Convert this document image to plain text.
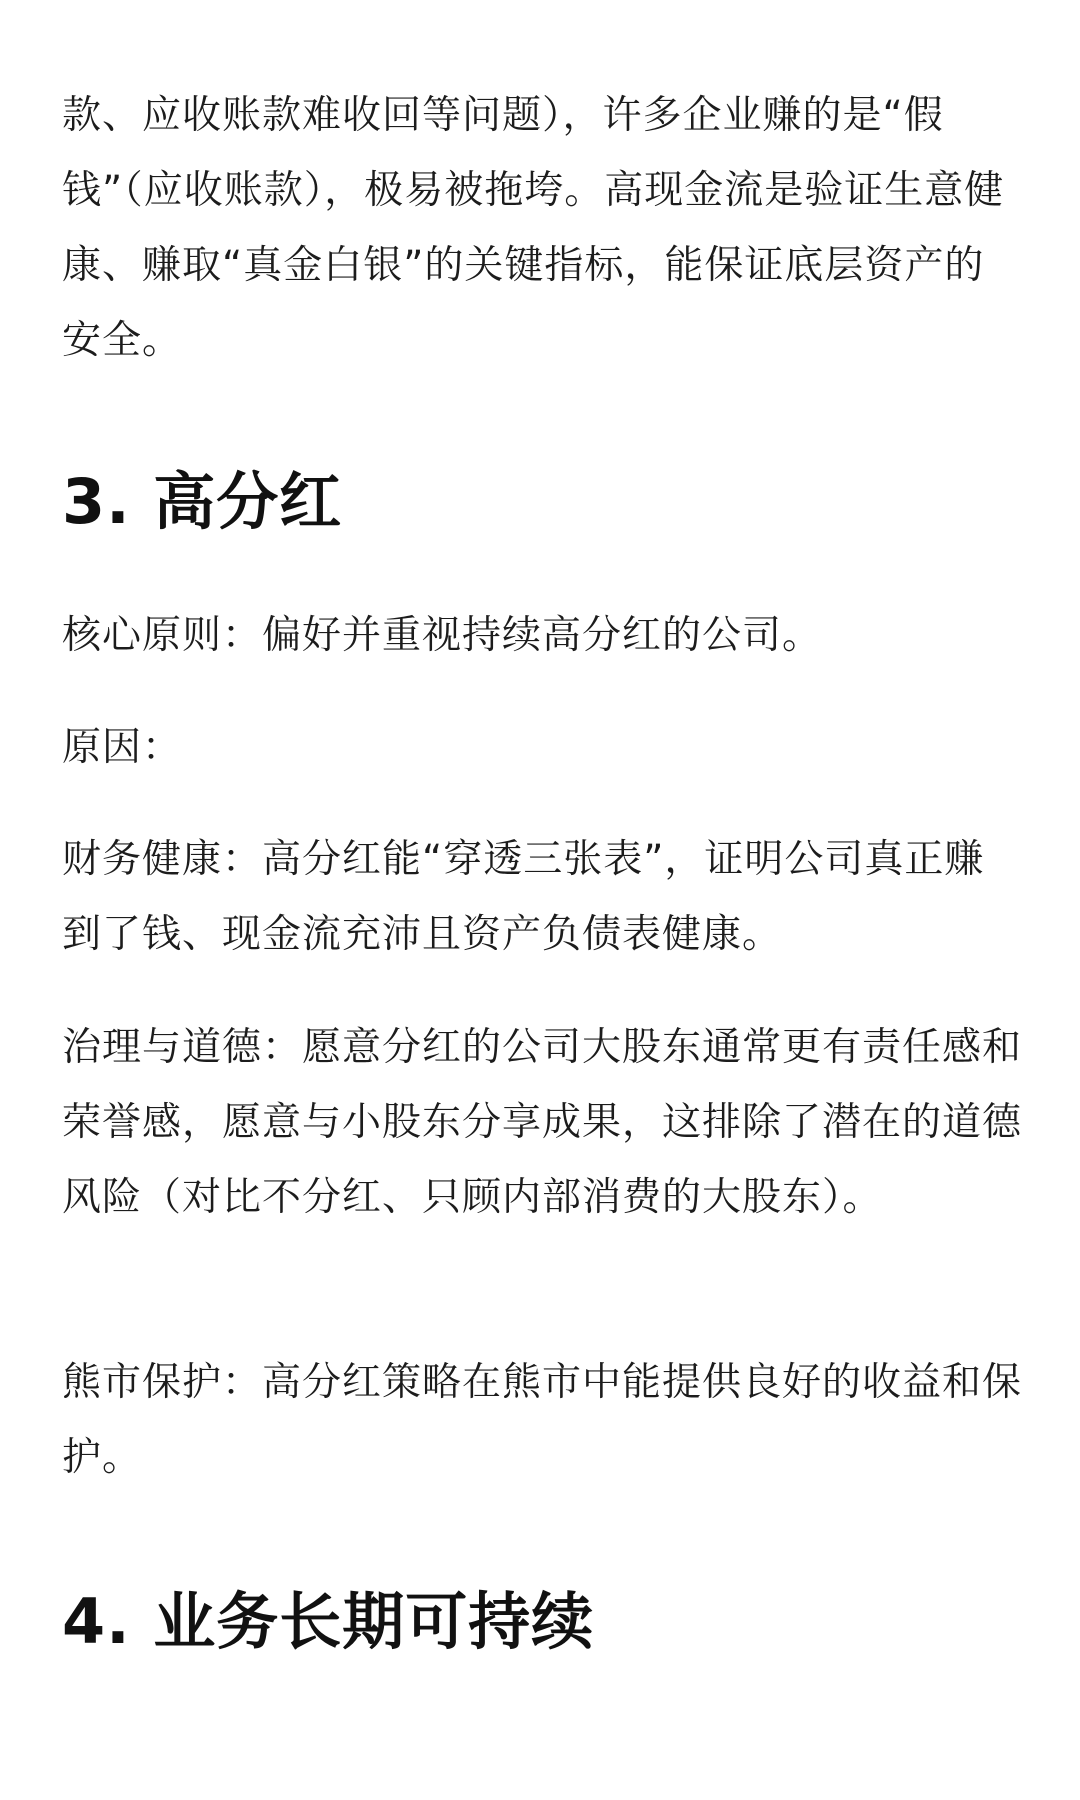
款、应收账款难收回等问题），许多企业赚的是“假钱”（应收账款），极易被拖垮。高现金流是验证生意健康、赚取“真金白银”的关键指标，能保证底层资产的安全。

3. 高分红

核心原则：偏好并重视持续高分红的公司。

原因：

财务健康：高分红能“穿透三张表”，证明公司真正赚到了钱、现金流充沛且资产负债表健康。

治理与道德：愿意分红的公司大股东通常更有责任感和荣誉感，愿意与小股东分享成果，这排除了潜在的道德风险（对比不分红、只顾内部消费的大股东）。

熊市保护：高分红策略在熊市中能提供良好的收益和保护。

4. 业务长期可持续
